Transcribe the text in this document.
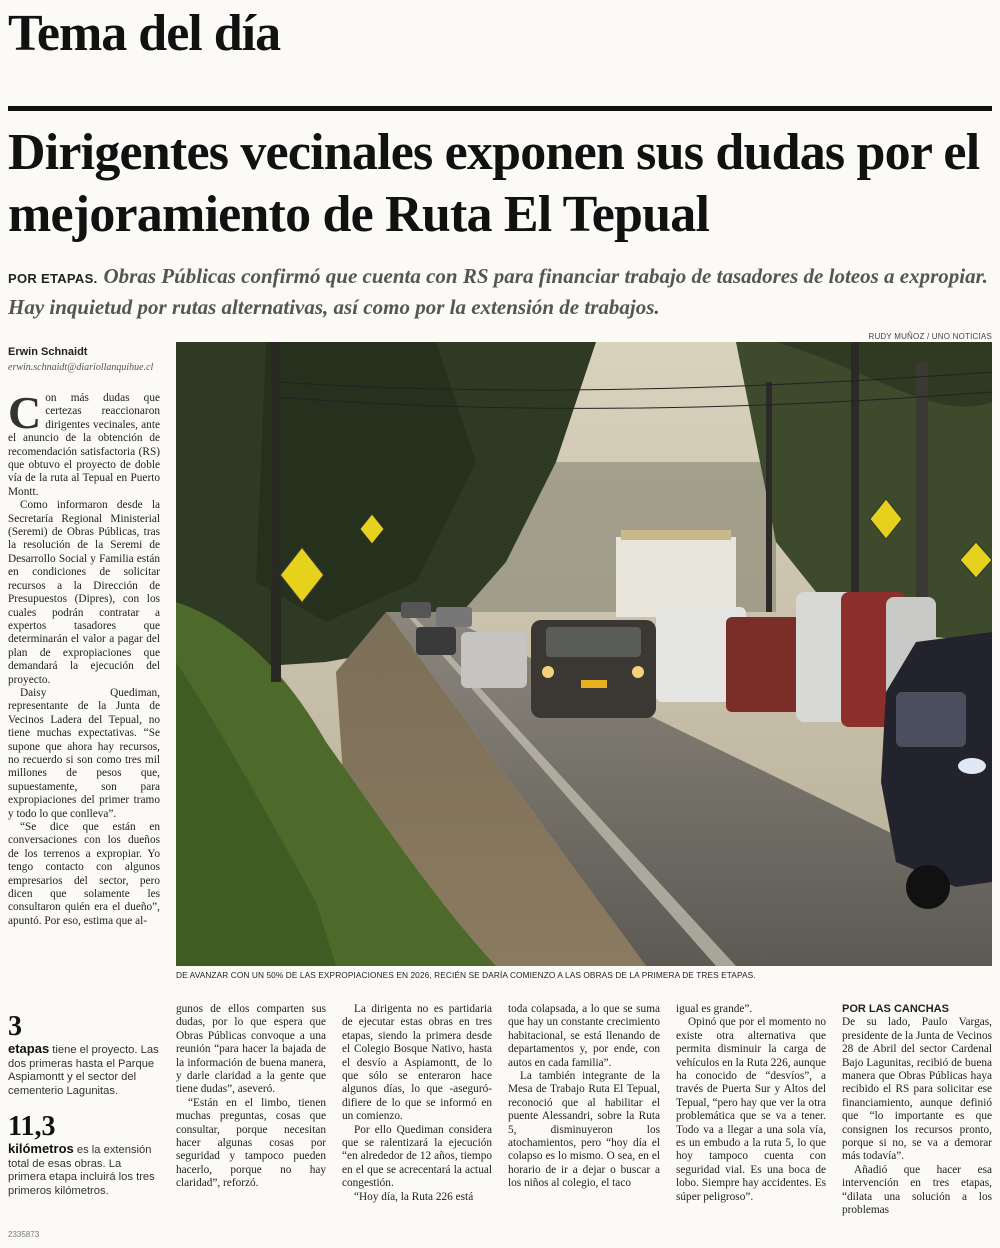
Tema del día
Dirigentes vecinales exponen sus dudas por el mejoramiento de Ruta El Tepual
POR ETAPAS. Obras Públicas confirmó que cuenta con RS para financiar trabajo de tasadores de loteos a expropiar. Hay inquietud por rutas alternativas, así como por la extensión de trabajos.
RUDY MUÑOZ / UNO NOTICIAS
Erwin Schnaidt
erwin.schnaidt@diariollanquihue.cl

Con más dudas que certezas reaccionaron dirigentes vecinales, ante el anuncio de la obtención de recomendación satisfactoria (RS) que obtuvo el proyecto de doble vía de la ruta al Tepual en Puerto Montt.

Como informaron desde la Secretaría Regional Ministerial (Seremi) de Obras Públicas, tras la resolución de la Seremi de Desarrollo Social y Familia están en condiciones de solicitar recursos a la Dirección de Presupuestos (Dipres), con los cuales podrán contratar a expertos tasadores que determinarán el valor a pagar del plan de expropiaciones que demandará la ejecución del proyecto.

Daisy Quediman, representante de la Junta de Vecinos Ladera del Tepual, no tiene muchas expectativas. “Se supone que ahora hay recursos, no recuerdo si son como tres mil millones de pesos que, supuestamente, son para expropiaciones del primer tramo y todo lo que conlleva”.

“Se dice que están en conversaciones con los dueños de los terrenos a expropiar. Yo tengo contacto con algunos empresarios del sector, pero dicen que solamente les consultaron quién era el dueño”, apuntó. Por eso, estima que al-

DE AVANZAR CON UN 50% DE LAS EXPROPIACIONES EN 2026, RECIÉN SE DARÍA COMIENZO A LAS OBRAS DE LA PRIMERA DE TRES ETAPAS.
3
etapas tiene el proyecto. Las dos primeras hasta el Parque Aspiamontt y el sector del cementerio Lagunitas.
11,3
kilómetros es la extensión total de esas obras. La primera etapa incluirá los tres primeros kilómetros.

gunos de ellos comparten sus dudas, por lo que espera que Obras Públicas convoque a una reunión “para hacer la bajada de la información de buena manera, y darle claridad a la gente que tiene dudas”, aseveró.

“Están en el limbo, tienen muchas preguntas, cosas que consultar, porque necesitan hacer algunas cosas por seguridad y tampoco pueden hacerlo, porque no hay claridad”, reforzó.

La dirigenta no es partidaria de ejecutar estas obras en tres etapas, siendo la primera desde el Colegio Bosque Nativo, hasta el desvío a Aspiamontt, de lo que sólo se enteraron hace algunos días, lo que -aseguró- difiere de lo que se informó en un comienzo.

Por ello Quediman considera que se ralentizará la ejecución “en alrededor de 12 años, tiempo en el que se acrecentará la actual congestión.

“Hoy día, la Ruta 226 está

toda colapsada, a lo que se suma que hay un constante crecimiento habitacional, se está llenando de departamentos y, por ende, con autos en cada familia”.

La también integrante de la Mesa de Trabajo Ruta El Tepual, reconoció que al habilitar el puente Alessandri, sobre la Ruta 5, disminuyeron los atochamientos, pero “hoy día el colapso es lo mismo. O sea, en el horario de ir a dejar o buscar a los niños al colegio, el taco

igual es grande”.

Opinó que por el momento no existe otra alternativa que permita disminuir la carga de vehículos en la Ruta 226, aunque ha conocido de “desvíos”, a través de Puerta Sur y Altos del Tepual, “pero hay que ver la otra problemática que se va a tener. Todo va a llegar a una sola vía, es un embudo a la ruta 5, lo que hoy tampoco cuenta con seguridad vial. Es una boca de lobo. Siempre hay accidentes. Es súper peligroso”.

POR LAS CANCHAS

De su lado, Paulo Vargas, presidente de la Junta de Vecinos 28 de Abril del sector Cardenal Bajo Lagunitas, recibió de buena manera que Obras Públicas haya recibido el RS para solicitar ese financiamiento, aunque definió que “lo importante es que consignen los recursos pronto, porque si no, se va a demorar más todavía”.

Añadió que hacer esa intervención en tres etapas, “dilata una solución a los problemas

2335873
